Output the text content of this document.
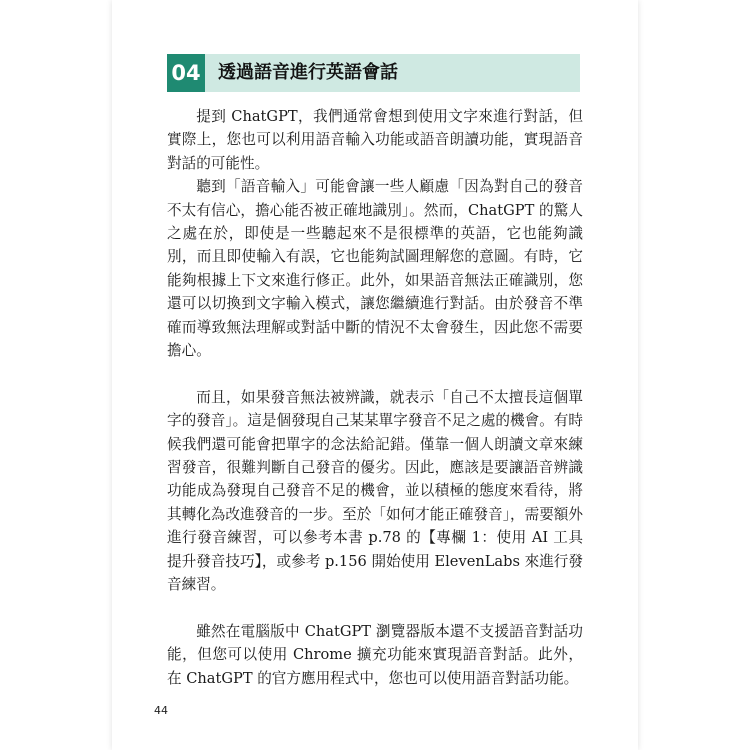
04 透過語音進行英語會話

提到 ChatGPT，我們通常會想到使用文字來進行對話，但實際上，您也可以利用語音輸入功能或語音朗讀功能，實現語音對話的可能性。

聽到「語音輸入」可能會讓一些人顧慮「因為對自己的發音不太有信心，擔心能否被正確地識別」。然而，ChatGPT 的驚人之處在於，即使是一些聽起來不是很標準的英語，它也能夠識別，而且即使輸入有誤，它也能夠試圖理解您的意圖。有時，它能夠根據上下文來進行修正。此外，如果語音無法正確識別，您還可以切換到文字輸入模式，讓您繼續進行對話。由於發音不準確而導致無法理解或對話中斷的情況不太會發生，因此您不需要擔心。

而且，如果發音無法被辨識，就表示「自己不太擅長這個單字的發音」。這是個發現自己某某單字發音不足之處的機會。有時候我們還可能會把單字的念法給記錯。僅靠一個人朗讀文章來練習發音，很難判斷自己發音的優劣。因此，應該是要讓語音辨識功能成為發現自己發音不足的機會，並以積極的態度來看待，將其轉化為改進發音的一步。至於「如何才能正確發音」，需要額外進行發音練習，可以參考本書 p.78 的【專欄 1：使用 AI 工具提升發音技巧】，或參考 p.156 開始使用 ElevenLabs 來進行發音練習。

雖然在電腦版中 ChatGPT 瀏覽器版本還不支援語音對話功能，但您可以使用 Chrome 擴充功能來實現語音對話。此外，在 ChatGPT 的官方應用程式中，您也可以使用語音對話功能。

44
